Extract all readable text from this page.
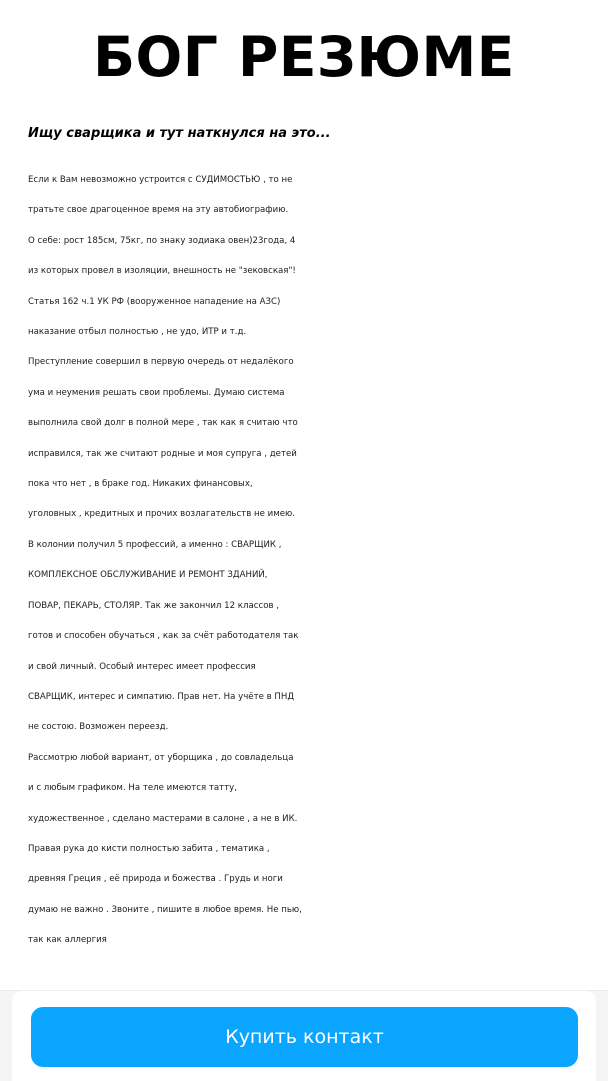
БОГ РЕЗЮМЕ
Ищу сварщика и тут наткнулся на это...

Если к Вам невозможно устроится с СУДИМОСТЬЮ , то не
тратьте свое драгоценное время на эту автобиографию.
О себе: рост 185см, 75кг, по знаку зодиака овен)23года, 4
из которых провел в изоляции, внешность не "зековская"!
Статья 162 ч.1 УК РФ (вооруженное нападение на АЗС)
наказание отбыл полностью , не удо, ИТР и т.д.
Преступление совершил в первую очередь от недалёкого
ума и неумения решать свои проблемы. Думаю система
выполнила свой долг в полной мере , так как я считаю что
исправился, так же считают родные и моя супруга , детей
пока что нет , в браке год. Никаких финансовых,
уголовных , кредитных и прочих возлагательств не имею.
В колонии получил 5 профессий, а именно : СВАРЩИК ,
КОМПЛЕКСНОЕ ОБСЛУЖИВАНИЕ И РЕМОНТ ЗДАНИЙ,
ПОВАР, ПЕКАРЬ, СТОЛЯР. Так же закончил 12 классов ,
готов и способен обучаться , как за счёт работодателя так
и свой личный. Особый интерес имеет профессия
СВАРЩИК, интерес и симпатию. Прав нет. На учёте в ПНД
не состою. Возможен переезд.
Рассмотрю любой вариант, от уборщика , до совладельца
и с любым графиком. На теле имеются татту,
художественное , сделано мастерами в салоне , а не в ИК.
Правая рука до кисти полностью забита , тематика ,
древняя Греция , её природа и божества . Грудь и ноги
думаю не важно . Звоните , пишите в любое время. Не пью,
так как аллергия

Купить контакт
